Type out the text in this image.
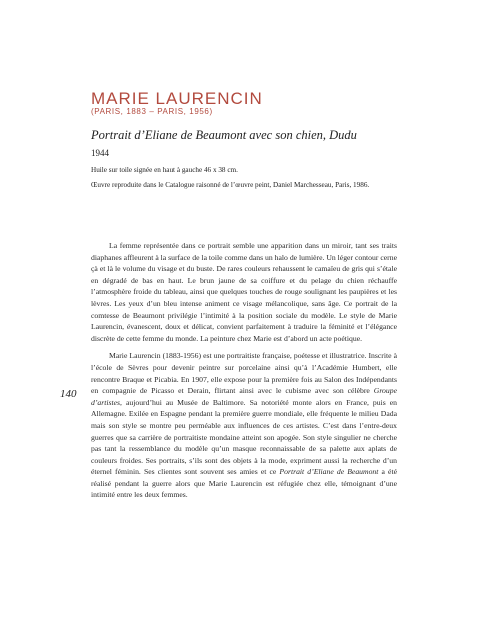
MARIE LAURENCIN
(PARIS, 1883 – PARIS, 1956)
Portrait d’Eliane de Beaumont avec son chien, Dudu
1944
Huile sur toile signée en haut à gauche 46 x 38 cm.
Œuvre reproduite dans le Catalogue raisonné de l’œuvre peint, Daniel Marchesseau, Paris, 1986.
140

La femme représentée dans ce portrait semble une apparition dans un miroir, tant ses traits diaphanes affleurent à la surface de la toile comme dans un halo de lumière. Un léger contour cerne çà et là le volume du visage et du buste. De rares couleurs rehaussent le camaïeu de gris qui s’étale en dégradé de bas en haut. Le brun jaune de sa coiffure et du pelage du chien réchauffe l’atmosphère froide du tableau, ainsi que quelques touches de rouge soulignant les paupières et les lèvres. Les yeux d’un bleu intense animent ce visage mélancolique, sans âge. Ce portrait de la comtesse de Beaumont privilégie l’intimité à la position sociale du modèle. Le style de Marie Laurencin, évanescent, doux et délicat, convient parfaitement à traduire la féminité et l’élégance discrète de cette femme du monde. La peinture chez Marie est d’abord un acte poétique.

Marie Laurencin (1883-1956) est une portraitiste française, poétesse et illustratrice. Inscrite à l’école de Sèvres pour devenir peintre sur porcelaine ainsi qu’à l’Académie Humbert, elle rencontre Braque et Picabia. En 1907, elle expose pour la première fois au Salon des Indépendants en compagnie de Picasso et Derain, flirtant ainsi avec le cubisme avec son célèbre Groupe d’artistes, aujourd’hui au Musée de Baltimore. Sa notoriété monte alors en France, puis en Allemagne. Exilée en Espagne pendant la première guerre mondiale, elle fréquente le milieu Dada mais son style se montre peu perméable aux influences de ces artistes. C’est dans l’entre-deux guerres que sa carrière de portraitiste mondaine atteint son apogée. Son style singulier ne cherche pas tant la ressemblance du modèle qu’un masque reconnaissable de sa palette aux aplats de couleurs froides. Ses portraits, s’ils sont des objets à la mode, expriment aussi la recherche d’un éternel féminin. Ses clientes sont souvent ses amies et ce Portrait d’Eliane de Beaumont a été réalisé pendant la guerre alors que Marie Laurencin est réfugiée chez elle, témoignant d’une intimité entre les deux femmes.
